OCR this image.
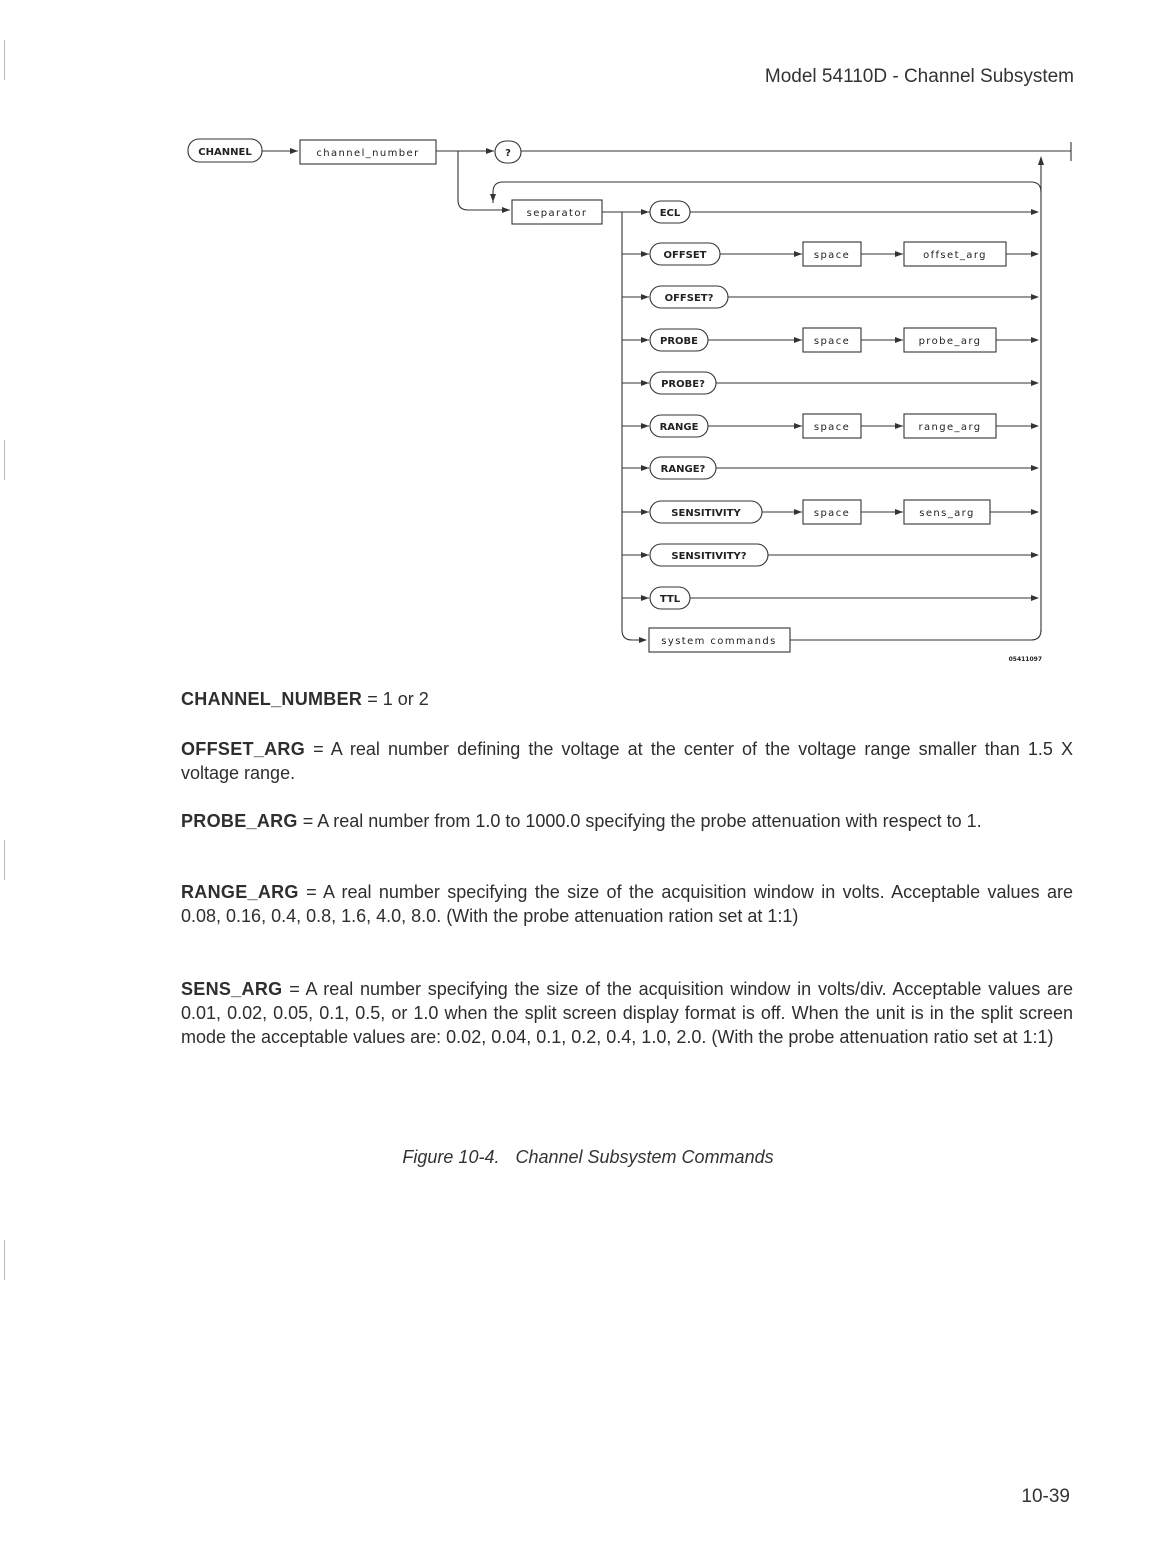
Model 54110D - Channel Subsystem
CHANNEL	channel_number	?
separator	ECL
OFFSET	space	offset_arg
OFFSET?
PROBE	space	probe_arg
PROBE?
RANGE	space	range_arg
RANGE?
SENSITIVITY	space	sens_arg
SENSITIVITY?
TTL
system commands
05411097

CHANNEL_NUMBER = 1 or 2

OFFSET_ARG = A real number defining the voltage at the center of the voltage range smaller than 1.5 X voltage range.

PROBE_ARG = A real number from 1.0 to 1000.0 specifying the probe attenuation with respect to 1.

RANGE_ARG = A real number specifying the size of the acquisition window in volts. Acceptable values are 0.08, 0.16, 0.4, 0.8, 1.6, 4.0, 8.0. (With the probe attenuation ration set at 1:1)

SENS_ARG = A real number specifying the size of the acquisition window in volts/div. Acceptable values are 0.01, 0.02, 0.05, 0.1, 0.5, or 1.0 when the split screen display format is off. When the unit is in the split screen mode the acceptable values are: 0.02, 0.04, 0.1, 0.2, 0.4, 1.0, 2.0. (With the probe attenuation ratio set at 1:1)

Figure 10-4. Channel Subsystem Commands
10-39
